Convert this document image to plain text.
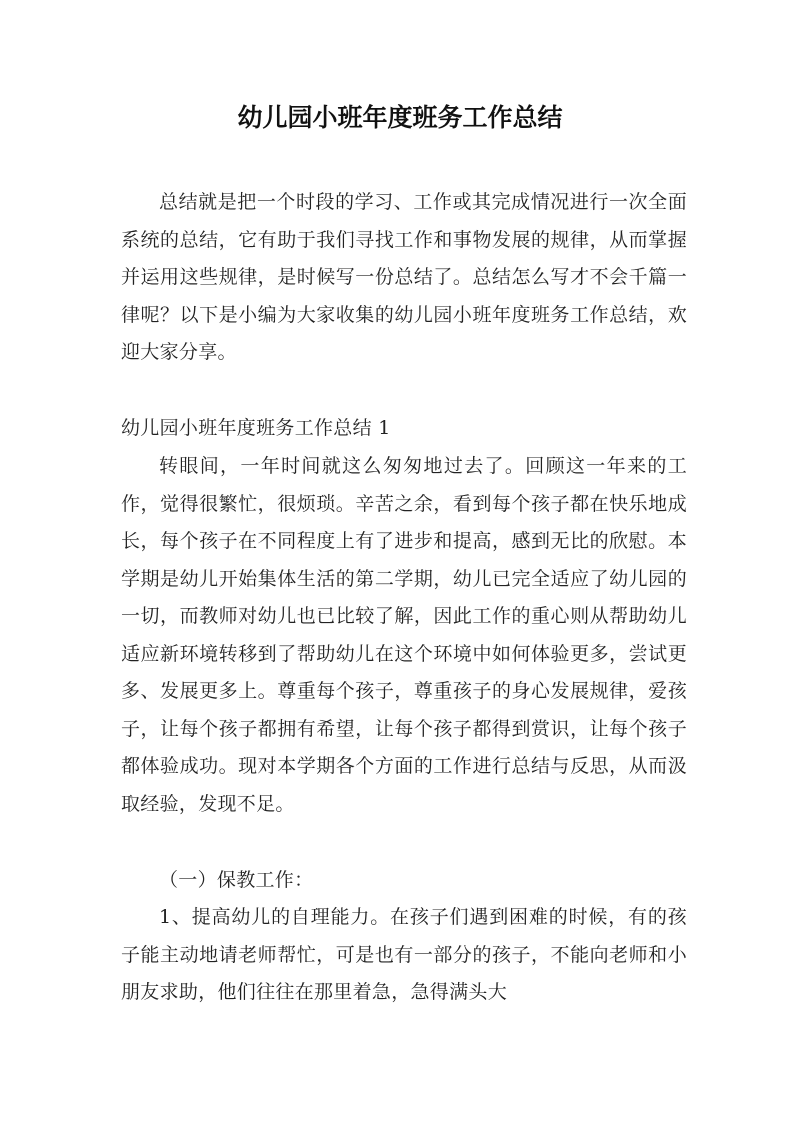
幼儿园小班年度班务工作总结

总结就是把一个时段的学习、工作或其完成情况进行一次全面系统的总结，它有助于我们寻找工作和事物发展的规律，从而掌握并运用这些规律，是时候写一份总结了。总结怎么写才不会千篇一律呢？以下是小编为大家收集的幼儿园小班年度班务工作总结，欢迎大家分享。

幼儿园小班年度班务工作总结 1

转眼间，一年时间就这么匆匆地过去了。回顾这一年来的工作，觉得很繁忙，很烦琐。辛苦之余，看到每个孩子都在快乐地成长，每个孩子在不同程度上有了进步和提高，感到无比的欣慰。本学期是幼儿开始集体生活的第二学期，幼儿已完全适应了幼儿园的一切，而教师对幼儿也已比较了解，因此工作的重心则从帮助幼儿适应新环境转移到了帮助幼儿在这个环境中如何体验更多，尝试更多、发展更多上。尊重每个孩子，尊重孩子的身心发展规律，爱孩子，让每个孩子都拥有希望，让每个孩子都得到赏识，让每个孩子都体验成功。现对本学期各个方面的工作进行总结与反思，从而汲取经验，发现不足。

（一）保教工作：

1、提高幼儿的自理能力。在孩子们遇到困难的时候，有的孩子能主动地请老师帮忙，可是也有一部分的孩子，不能向老师和小朋友求助，他们往往在那里着急，急得满头大
